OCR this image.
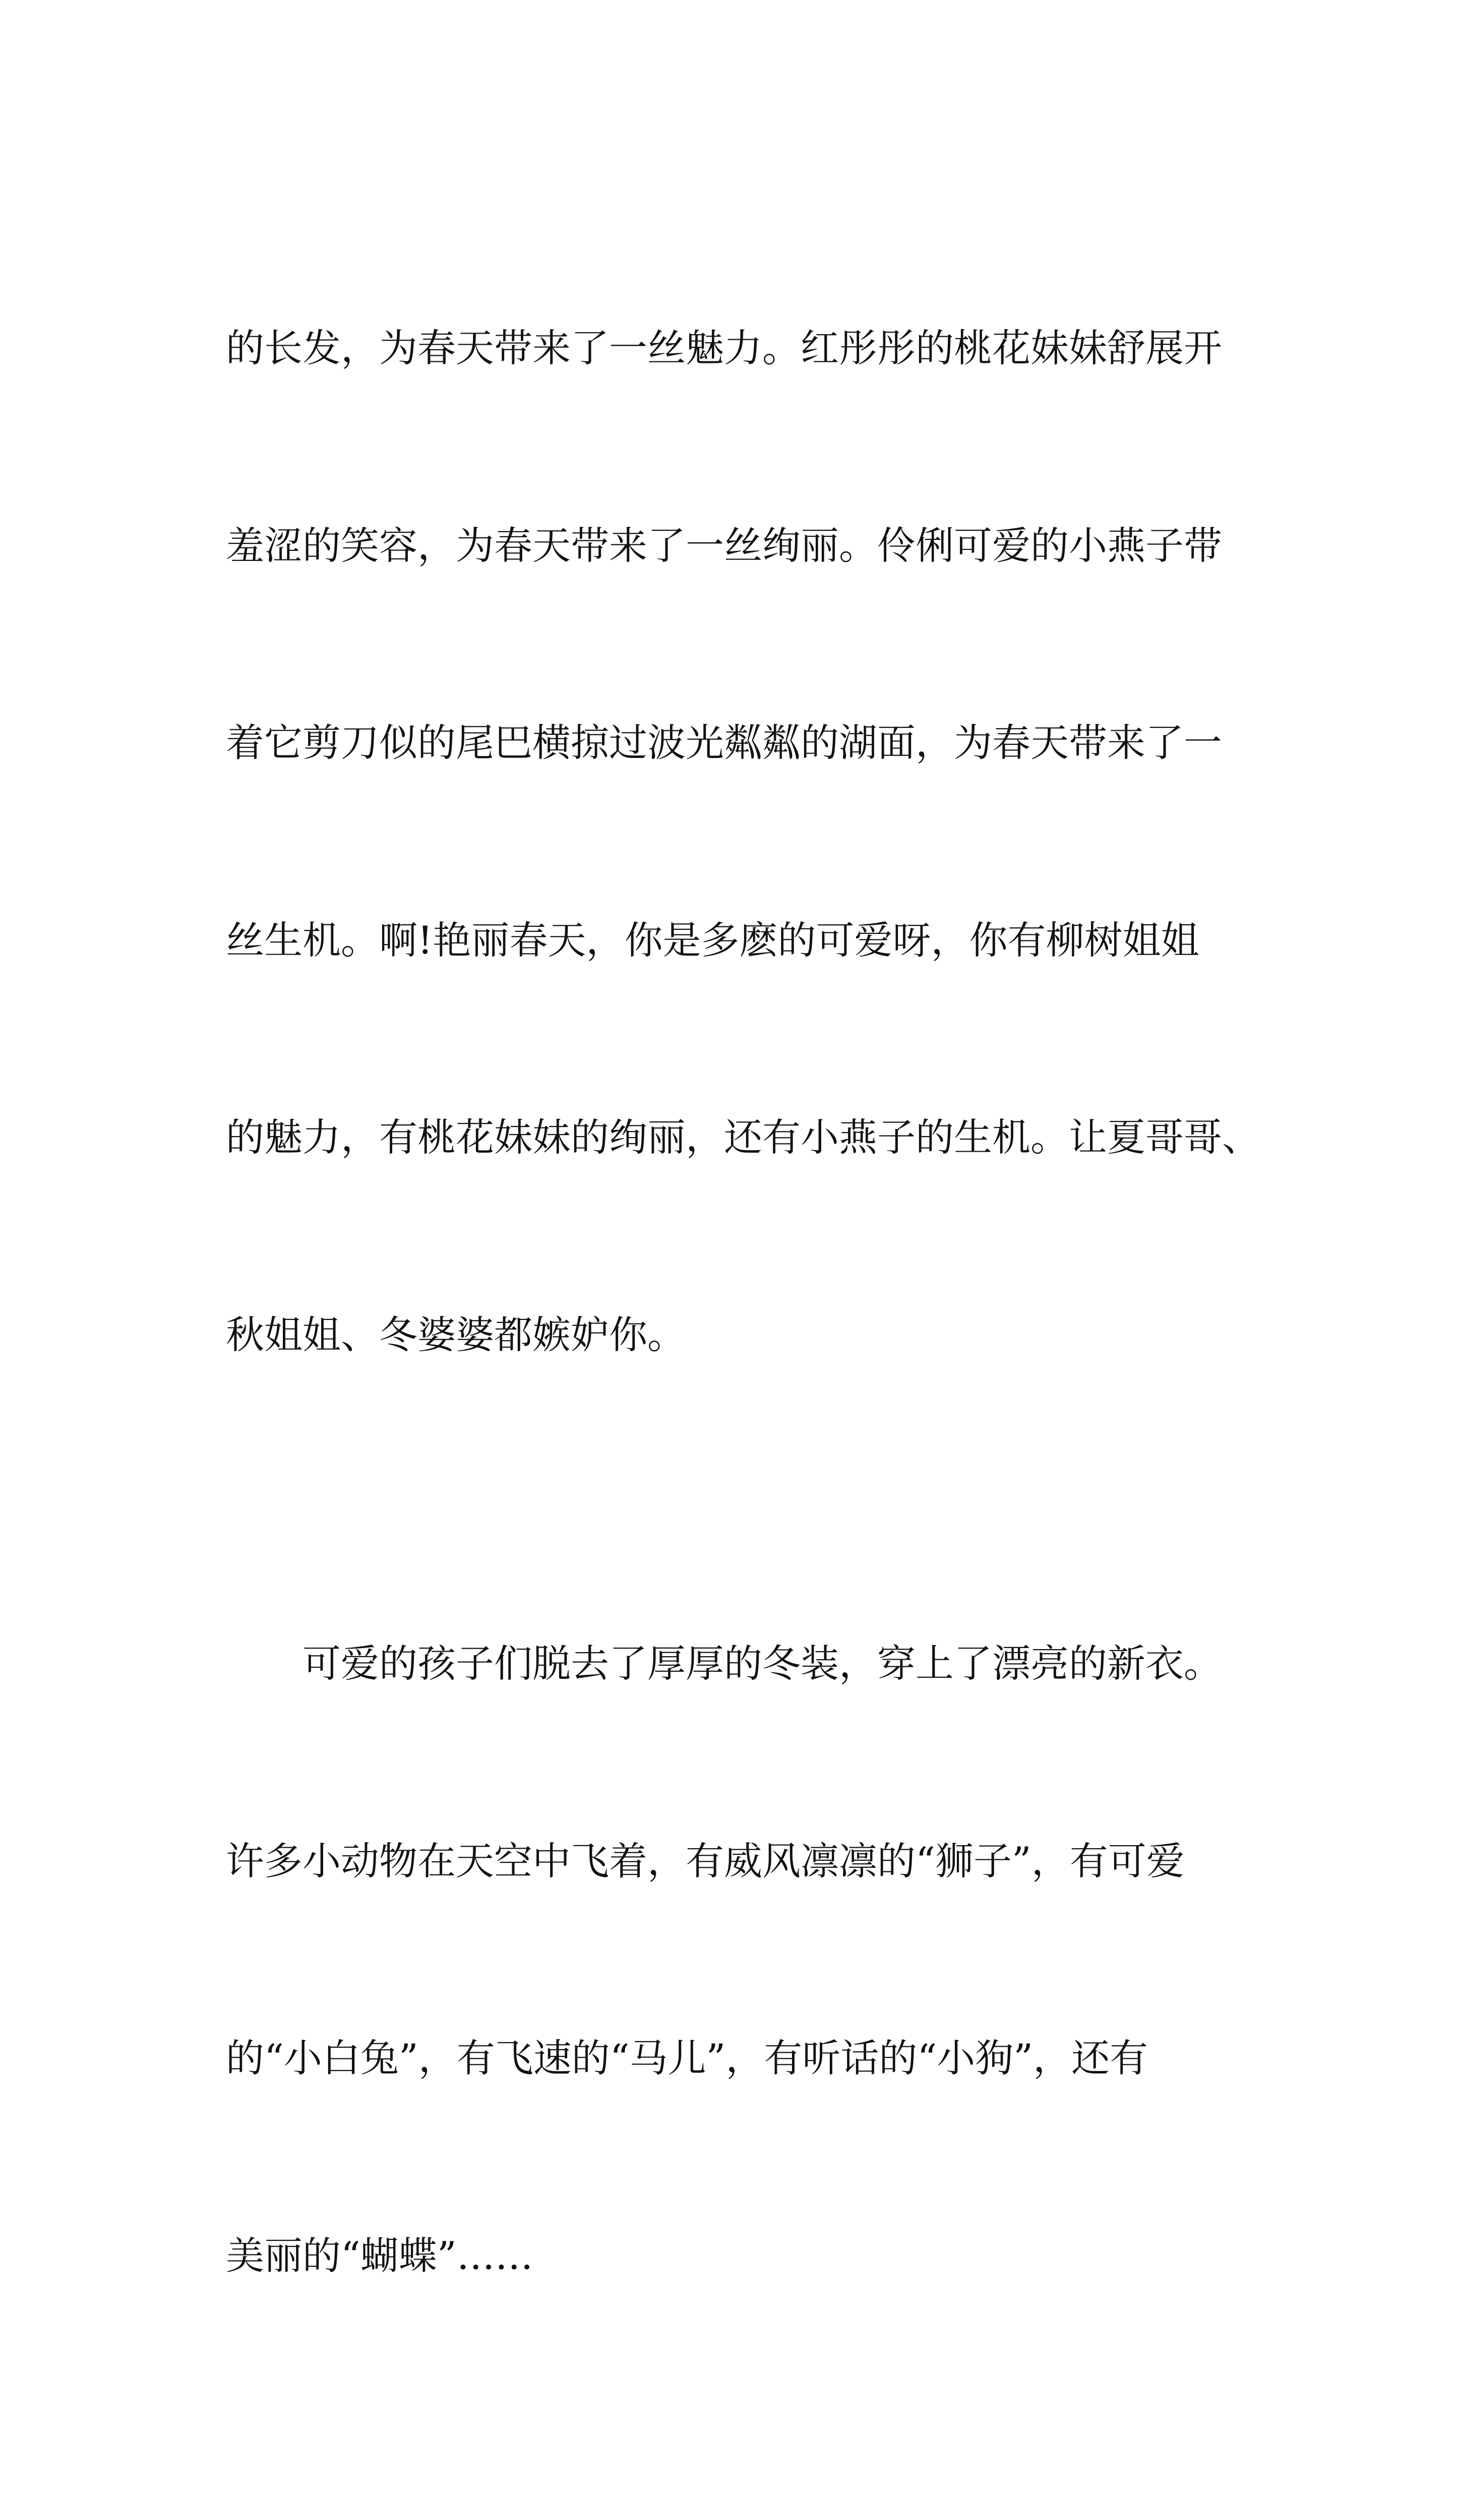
的长发，为春天带来了一丝魅力。红彤彤的桃花妹妹舒展开

羞涩的笑容，为春天带来了一丝绚丽。伶俐可爱的小燕子带

着它剪刀似的尾巴横掠过波光粼粼的湖面，为春天带来了一

丝生机。啊!艳丽春天，你是多麽的可爱呀，你有柳树姐姐

的魅力，有桃花妹妹的绚丽，还有小燕子的生机。让夏哥哥、

秋姐姐、冬婆婆都嫉妒你。

　　可爱的孩子们脱去了厚厚的冬装，穿上了漂亮的新衣。

许多小动物在天空中飞着，有威风凛凛的“狮子”，有可爱

的“小白兔”，有飞速的“马儿”，有听话的“小狗”，还有

美丽的“蝴蝶”……
